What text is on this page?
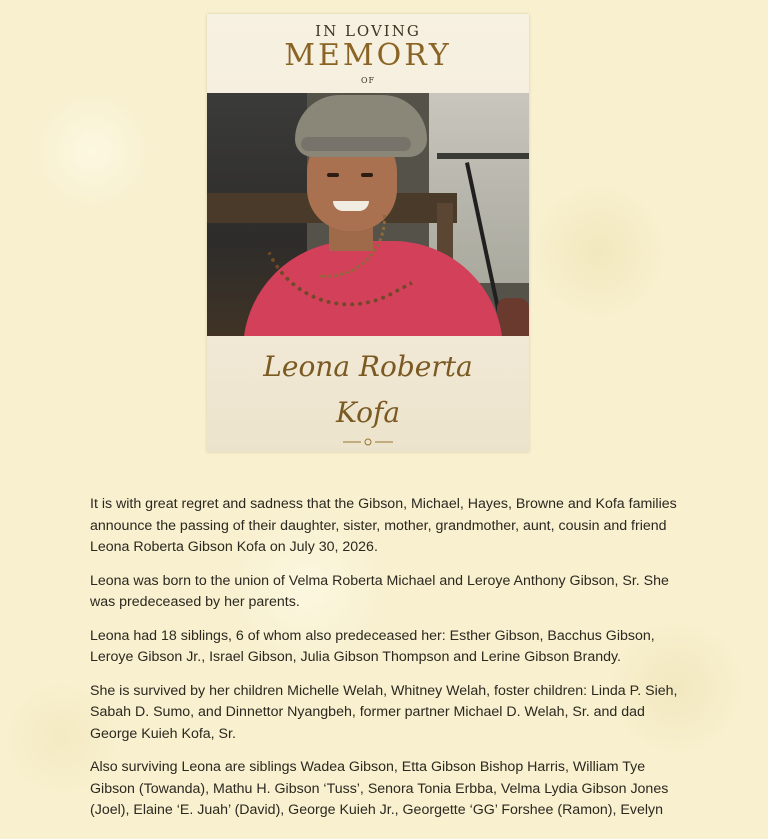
IN LOVING
MEMORY
OF
Leona Roberta
Kofa

It is with great regret and sadness that the Gibson, Michael, Hayes, Browne and Kofa families announce the passing of their daughter, sister, mother, grandmother, aunt, cousin and friend Leona Roberta Gibson Kofa on July 30, 2026.

Leona was born to the union of Velma Roberta Michael and Leroye Anthony Gibson, Sr. She was predeceased by her parents.

Leona had 18 siblings, 6 of whom also predeceased her: Esther Gibson, Bacchus Gibson, Leroye Gibson Jr., Israel Gibson, Julia Gibson Thompson and Lerine Gibson Brandy.

She is survived by her children Michelle Welah, Whitney Welah, foster children: Linda P. Sieh, Sabah D. Sumo, and Dinnettor Nyangbeh, former partner Michael D. Welah, Sr. and dad George Kuieh Kofa, Sr.

Also surviving Leona are siblings Wadea Gibson, Etta Gibson Bishop Harris, William Tye Gibson (Towanda), Mathu H. Gibson ‘Tuss’, Senora Tonia Erbba, Velma Lydia Gibson Jones (Joel), Elaine ‘E. Juah’ (David), George Kuieh Jr., Georgette ‘GG’ Forshee (Ramon), Evelyn
